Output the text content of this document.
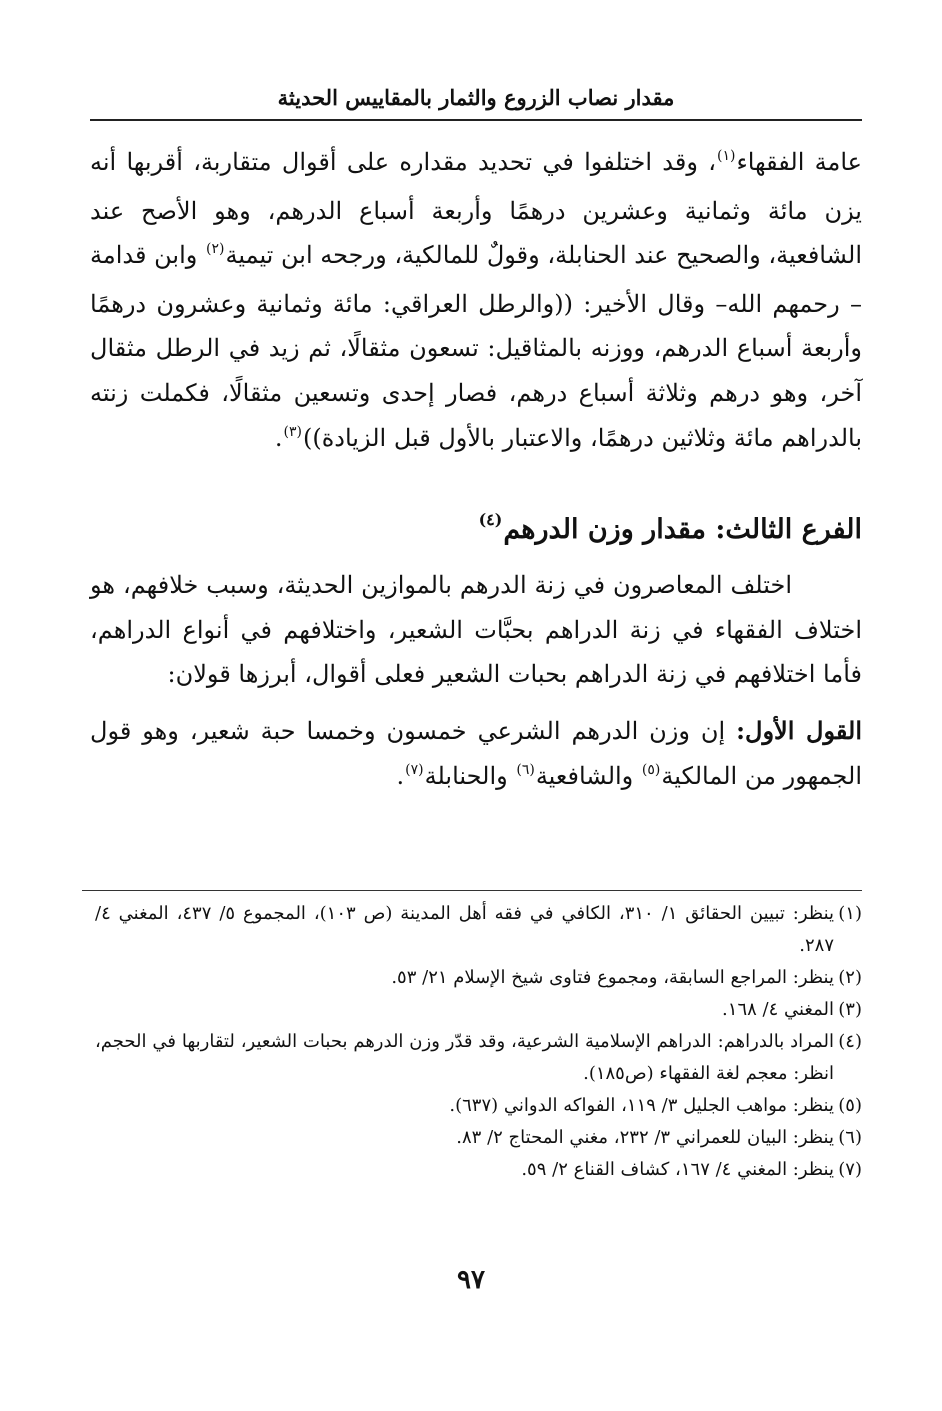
مقدار نصاب الزروع والثمار بالمقاييس الحديثة

عامة الفقهاء$^{(١)}$، وقد اختلفوا في تحديد مقداره على أقوال متقاربة، أقربها أنه يزن مائة وثمانية وعشرين درهمًا وأربعة أسباع الدرهم، وهو الأصح عند الشافعية، والصحيح عند الحنابلة، وقولٌ للمالكية، ورجحه ابن تيمية$^{(٢)}$ وابن قدامة – رحمهم الله– وقال الأخير: ((والرطل العراقي: مائة وثمانية وعشرون درهمًا وأربعة أسباع الدرهم، ووزنه بالمثاقيل: تسعون مثقالًا، ثم زيد في الرطل مثقال آخر، وهو درهم وثلاثة أسباع درهم، فصار إحدى وتسعين مثقالًا، فكملت زنته بالدراهم مائة وثلاثين درهمًا، والاعتبار بالأول قبل الزيادة))$^{(٣)}$.

الفرع الثالث: مقدار وزن الدرهم$^{(٤)}$

اختلف المعاصرون في زنة الدرهم بالموازين الحديثة، وسبب خلافهم، هو اختلاف الفقهاء في زنة الدراهم بحبَّات الشعير، واختلافهم في أنواع الدراهم، فأما اختلافهم في زنة الدراهم بحبات الشعير فعلى أقوال، أبرزها قولان:

القول الأول: إن وزن الدرهم الشرعي خمسون وخمسا حبة شعير، وهو قول الجمهور من المالكية$^{(٥)}$ والشافعية$^{(٦)}$ والحنابلة$^{(٧)}$.

(١)
ينظر: تبيين الحقائق ١/ ٣١٠، الكافي في فقه أهل المدينة (ص ١٠٣)، المجموع ٥/ ٤٣٧، المغني ٤/ ٢٨٧.
(٢)
ينظر: المراجع السابقة، ومجموع فتاوى شيخ الإسلام ٢١/ ٥٣.
(٣)
المغني ٤/ ١٦٨.
(٤)
المراد بالدراهم: الدراهم الإسلامية الشرعية، وقد قدّر وزن الدرهم بحبات الشعير، لتقاربها في الحجم، انظر: معجم لغة الفقهاء (ص١٨٥).
(٥)
ينظر: مواهب الجليل ٣/ ١١٩، الفواكه الدواني (٦٣٧).
(٦)
ينظر: البيان للعمراني ٣/ ٢٣٢، مغني المحتاج ٢/ ٨٣.
(٧)
ينظر: المغني ٤/ ١٦٧، كشاف القناع ٢/ ٥٩.
٩٧
